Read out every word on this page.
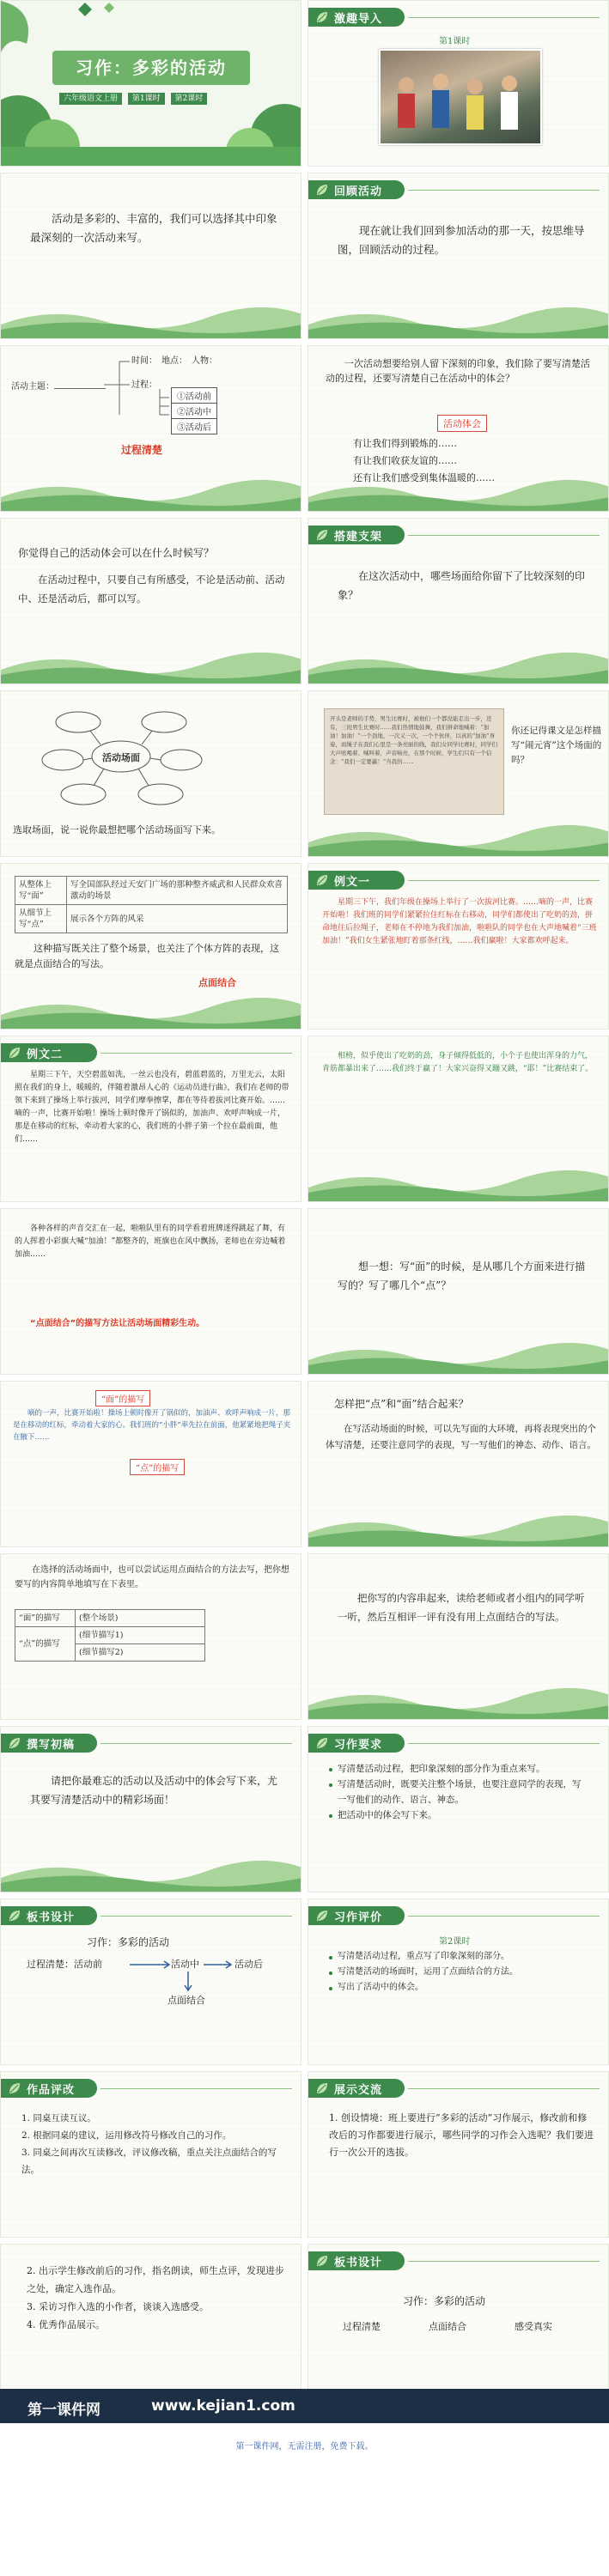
习作：多彩的活动
六年级语文上册 第1课时 第2课时
激趣导入
第1课时
活动是多彩的、丰富的，我们可以选择其中印象最深刻的一次活动来写。
回顾活动
现在就让我们回到参加活动的那一天，按思维导图，回顾活动的过程。
活动主题：
时间：　 地点：　 人物：
过程：
①活动前
②活动中
③活动后
过程清楚
一次活动想要给别人留下深刻的印象，我们除了要写清楚活动的过程，还要写清楚自己在活动中的体会？
活动体会
有让我们得到锻炼的……
有让我们收获友谊的……
还有让我们感受到集体温暖的……
你觉得自己的活动体会可以在什么时候写？
在活动过程中，只要自己有所感受，不论是活动前、活动中、还是活动后，都可以写。
搭建支架
在这次活动中，哪些场面给你留下了比较深刻的印象？
活动场面
选取场面，说一说你最想把哪个活动场面写下来。
开头是老师的手势，男生比赛时，被他们一个都没能走出一步，还有，三班男生比赛时……我们热情地鼓舞，我们拼命地喊着：“加油！加油！”一个劲地，一次又一次，一个个伙伴，以真的“加油”身姿，而绳子在我们心里是一条亮丽的线，我们女同学比赛时，同学们大声吆喝着、喊叫着，声音响亮，在那个时候，学生们只有一个信念：“我们一定要赢！”当我的……
你还记得课文是怎样描写“闹元宵”这个场面的吗？
从整体上写“面”	写全国部队经过天安门广场的那种整齐威武和人民群众欢喜激动的场景
从细节上写“点”	展示各个方阵的风采
这种描写既关注了整个场景，也关注了个体方阵的表现，这就是点面结合的写法。
点面结合
例文一
星期三下午，我们年级在操场上举行了一次拔河比赛。……嘀的一声，比赛开始啦！我们班的同学们紧紧拉住红标在右移动，同学们都使出了吃奶的劲，拼命地往后拉绳子，老师在不停地为我们加油，啦啦队的同学也在大声地喊着“三班加油！”我们女生紧张地盯着那条红线，……我们赢啦！大家都欢呼起来。
例文二
星期三下午，天空碧蓝如洗，一丝云也没有，碧蓝碧蓝的，万里无云，太阳照在我们的身上，暖暖的，伴随着激昂人心的《运动员进行曲》，我们在老师的带领下来到了操场上举行拔河，同学们摩拳擦掌，都在等待着拔河比赛开始。……嘀的一声，比赛开始啦！操场上顿时像开了锅似的，加油声、欢呼声响成一片，那是在移动的红标，牵动着大家的心，我们班的小胖子第一个拉在最前面，他们……
相榜，似乎使出了吃奶的劲，身子倾得低低的，小个子也使出浑身的力气，青筋都暴出来了……我们终于赢了！大家兴奋得又蹦又跳，“耶！”比赛结束了。
各种各样的声音交汇在一起，啦啦队里有的同学看着班牌迷得跳起了舞，有的人挥着小彩旗大喊“加油！”都整齐的，班旗也在风中飘扬，老师也在旁边喊着加油……
“点面结合”的描写方法让活动场面精彩生动。
想一想：写“面”的时候，是从哪几个方面来进行描写的？写了哪几个“点”？
“面”的描写
嘀的一声，比赛开始啦！操场上顿时像开了锅似的，加油声、欢呼声响成一片，那是在移动的红标，牵动着大家的心。我们班的“小胖”率先拉在前面，他紧紧地把绳子夹在腋下……
“点”的描写
怎样把“点”和“面”结合起来？
在写活动场面的时候，可以先写面的大环境，再将表现突出的个体写清楚，还要注意同学的表现，写一写他们的神态、动作、语言。
在选择的活动场面中，也可以尝试运用点面结合的方法去写，把你想要写的内容简单地填写在下表里。
“面”的描写	(整个场景)
“点”的描写	(细节描写1)
	(细节描写2)
把你写的内容串起来，读给老师或者小组内的同学听一听，然后互相评一评有没有用上点面结合的写法。
撰写初稿
请把你最难忘的活动以及活动中的体会写下来，尤其要写清楚活动中的精彩场面！
习作要求
写清楚活动过程，把印象深刻的部分作为重点来写。
写清楚活动时，既要关注整个场景，也要注意同学的表现，写一写他们的动作、语言、神态。
把活动中的体会写下来。
板书设计
习作：多彩的活动
过程清楚：活动前	活动中	活动后
点面结合
习作评价
第2课时
写清楚活动过程，重点写了印象深刻的部分。
写清楚活动的场面时，运用了点面结合的方法。
写出了活动中的体会。
作品评改
1. 同桌互读互议。
2. 根据同桌的建议，运用修改符号修改自己的习作。
3. 同桌之间再次互读修改，评议修改稿，重点关注点面结合的写法。
展示交流
1. 创设情境：班上要进行“多彩的活动”习作展示，修改前和修改后的习作都要进行展示，哪些同学的习作会入选呢？我们要进行一次公开的选拔。
2. 出示学生修改前后的习作，指名朗读，师生点评，发现进步之处，确定入选作品。
3. 采访习作入选的小作者，谈谈入选感受。
4. 优秀作品展示。
板书设计
习作：多彩的活动
过程清楚	点面结合	感受真实
第一课件网	www.kejian1.com
第一课件网，无需注册，免费下载。
